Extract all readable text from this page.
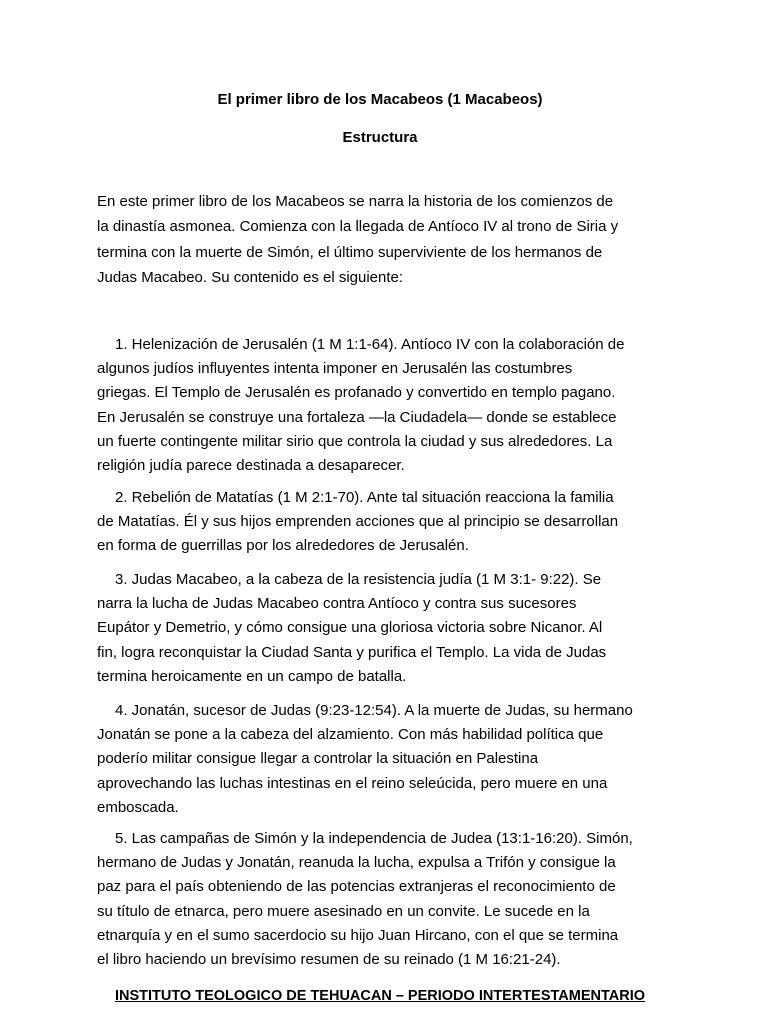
El primer libro de los Macabeos (1 Macabeos)
Estructura
En este primer libro de los Macabeos se narra la historia de los comienzos de
la dinastía asmonea. Comienza con la llegada de Antíoco IV al trono de Siria y
termina con la muerte de Simón, el último superviviente de los hermanos de
Judas Macabeo. Su contenido es el siguiente:
1. Helenización de Jerusalén (1 M 1:1-64). Antíoco IV con la colaboración de
algunos judíos influyentes intenta imponer en Jerusalén las costumbres
griegas. El Templo de Jerusalén es profanado y convertido en templo pagano.
En Jerusalén se construye una fortaleza —la Ciudadela— donde se establece
un fuerte contingente militar sirio que controla la ciudad y sus alrededores. La
religión judía parece destinada a desaparecer.
2. Rebelión de Matatías (1 M 2:1-70). Ante tal situación reacciona la familia
de Matatías. Él y sus hijos emprenden acciones que al principio se desarrollan
en forma de guerrillas por los alrededores de Jerusalén.
3. Judas Macabeo, a la cabeza de la resistencia judía (1 M 3:1- 9:22). Se
narra la lucha de Judas Macabeo contra Antíoco y contra sus sucesores
Eupátor y Demetrio, y cómo consigue una gloriosa victoria sobre Nicanor. Al
fin, logra reconquistar la Ciudad Santa y purifica el Templo. La vida de Judas
termina heroicamente en un campo de batalla.
4. Jonatán, sucesor de Judas (9:23-12:54). A la muerte de Judas, su hermano
Jonatán se pone a la cabeza del alzamiento. Con más habilidad política que
poderío militar consigue llegar a controlar la situación en Palestina
aprovechando las luchas intestinas en el reino seleúcida, pero muere en una
emboscada.
5. Las campañas de Simón y la independencia de Judea (13:1-16:20). Simón,
hermano de Judas y Jonatán, reanuda la lucha, expulsa a Trifón y consigue la
paz para el país obteniendo de las potencias extranjeras el reconocimiento de
su título de etnarca, pero muere asesinado en un convite. Le sucede en la
etnarquía y en el sumo sacerdocio su hijo Juan Hircano, con el que se termina
el libro haciendo un brevísimo resumen de su reinado (1 M 16:21-24).
INSTITUTO TEOLOGICO DE TEHUACAN – PERIODO INTERTESTAMENTARIO
